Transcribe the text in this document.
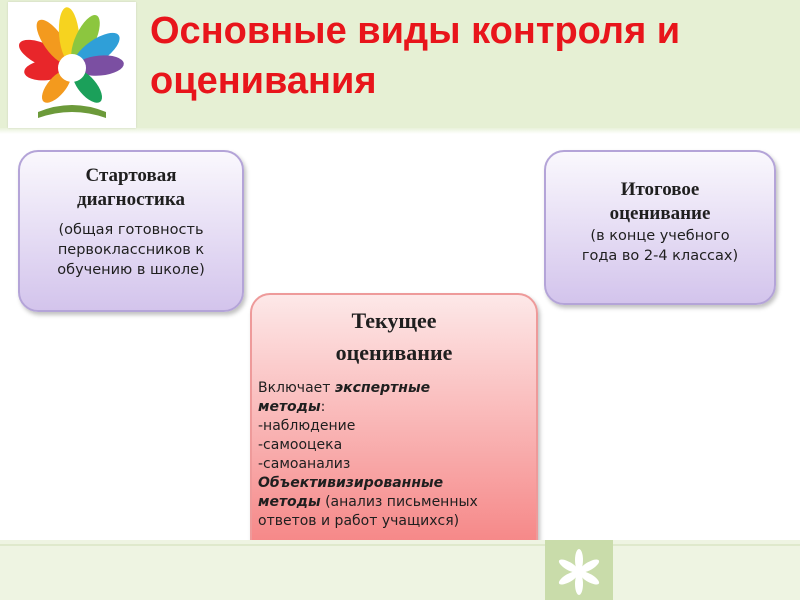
Основные виды контроля и
оценивания
Стартовая
диагностика
(общая готовность
первоклассников к
обучению в школе)
Итоговое
оценивание
(в конце учебного
года во 2-4 классах)
Текущее
оценивание
Включает экспертные
методы:
-наблюдение
-самооцека
-самоанализ
Объективизированные
методы (анализ письменных
ответов и работ учащихся)
